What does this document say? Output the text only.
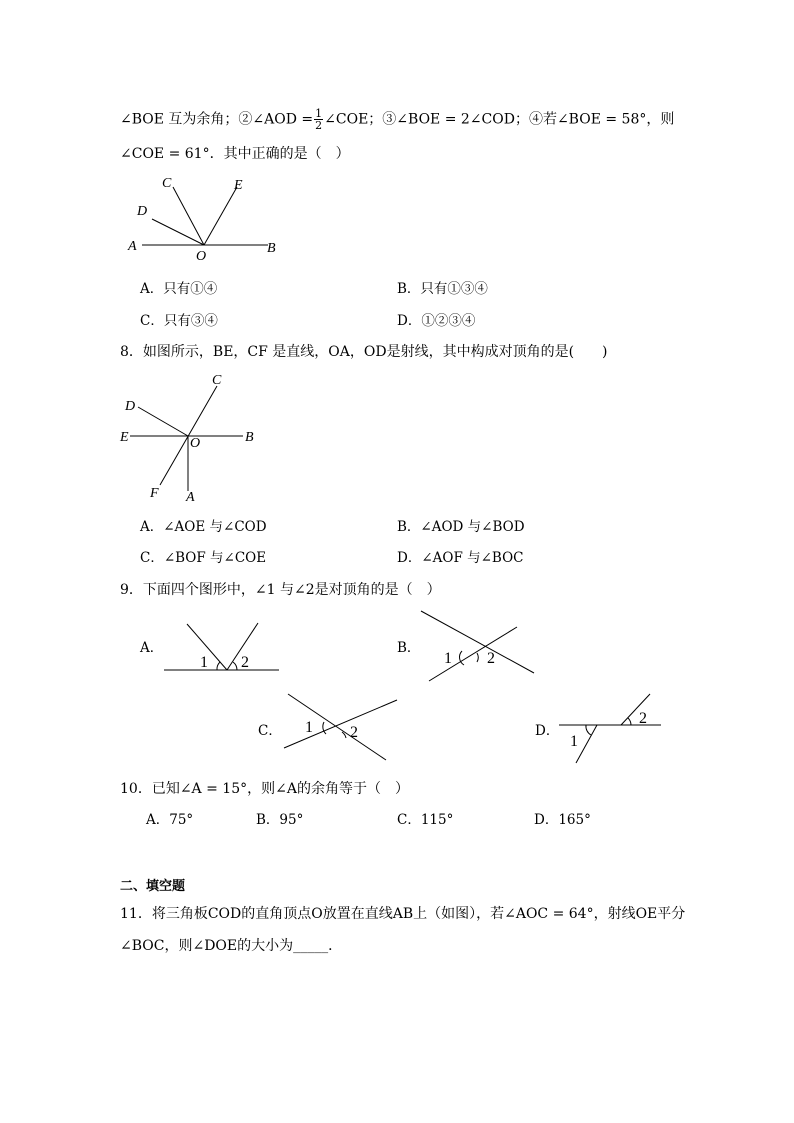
∠BOE 互为余角；②∠AOD = $\frac{1}{2}$ ∠COE；③∠BOE = 2∠COD；④若∠BOE = 58°，则
∠COE = 61°．其中正确的是（　）
C	E
D
A
O
B
A．只有①④	B．只有①③④
C．只有③④	D．①②③④
8．如图所示，BE，CF 是直线，OA，OD是射线，其中构成对顶角的是(　　)
C
D
E	O	B
F A
A．∠AOE 与∠COD	B．∠AOD 与∠BOD
C．∠BOF 与∠COE	D．∠AOF 与∠BOC
9．下面四个图形中，∠1 与∠2是对顶角的是（　）
A．
1 2
B．
1 2
C． 1 2	D．
1
2
10．已知∠A = 15°，则∠A的余角等于（　）
A．75°	B．95°	C．115°	D．165°
二、填空题
11．将三角板COD的直角顶点O放置在直线AB上（如图），若∠AOC = 64°，射线OE平分
∠BOC，则∠DOE的大小为_____．
